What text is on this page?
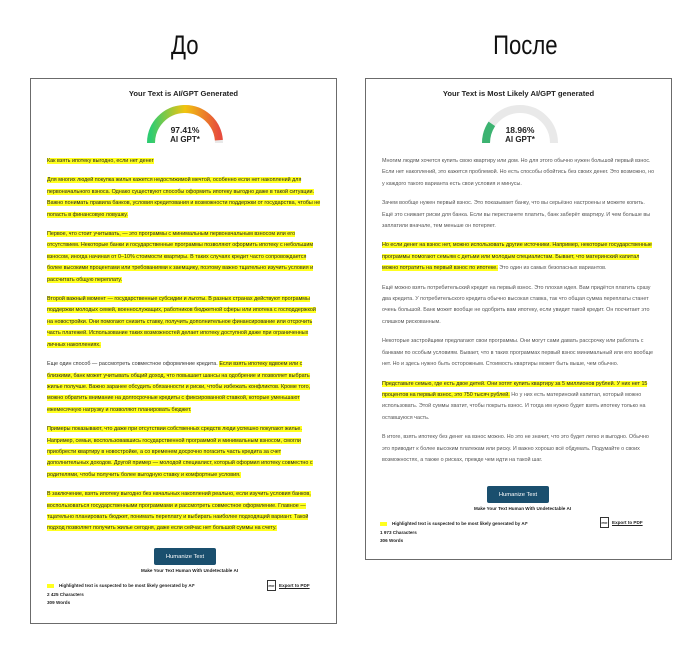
До	После
Your Text is AI/GPT Generated
97.41%
AI GPT*

Как взять ипотеку выгодно, если нет денег

Для многих людей покупка жилья кажется недостижимой мечтой, особенно если нет накоплений для первоначального взноса. Однако существуют способы оформить ипотеку выгодно даже в такой ситуации. Важно понимать правила банков, условия кредитования и возможности поддержки от государства, чтобы не попасть в финансовую ловушку.

Первое, что стоит учитывать, — это программы с минимальным первоначальным взносом или его отсутствием. Некоторые банки и государственные программы позволяют оформить ипотеку с небольшим взносом, иногда начиная от 0–10% стоимости квартиры. В таких случаях кредит часто сопровождается более высокими процентами или требованиями к заемщику, поэтому важно тщательно изучить условия и рассчитать общую переплату.

Второй важный момент — государственные субсидии и льготы. В разных странах действуют программы поддержки молодых семей, военнослужащих, работников бюджетной сферы или ипотека с господдержкой на новостройки. Они помогают снизить ставку, получить дополнительное финансирование или отсрочить часть платежей. Использование таких возможностей делает ипотеку доступной даже при ограниченных личных накоплениях.

Еще один способ — рассмотреть совместное оформление кредита. Если взять ипотеку вдвоем или с близкими, банк может учитывать общий доход, что повышает шансы на одобрение и позволяет выбрать жилье получше. Важно заранее обсудить обязанности и риски, чтобы избежать конфликтов. Кроме того, можно обратить внимание на долгосрочные кредиты с фиксированной ставкой, которые уменьшают ежемесячную нагрузку и позволяют планировать бюджет.

Примеры показывают, что даже при отсутствии собственных средств люди успешно покупают жилье. Например, семьи, воспользовавшись государственной программой и минимальным взносом, смогли приобрести квартиру в новостройке, а со временем досрочно погасить часть кредита за счет дополнительных доходов. Другой пример — молодой специалист, который оформил ипотеку совместно с родителями, чтобы получить более выгодную ставку и комфортные условия.

В заключение, взять ипотеку выгодно без начальных накоплений реально, если изучить условия банков, воспользоваться государственными программами и рассмотреть совместное оформление. Главное — тщательно планировать бюджет, понимать переплату и выбирать наиболее подходящий вариант. Такой подход позволяет получить жилье сегодня, даже если сейчас нет большой суммы на счету.

Humanize Text
Make Your Text Human With Undetectable AI
Highlighted text is suspected to be most likely generated by AI*
2 425 Characters
309 Words
PDF Export to PDF
Your Text is Most Likely AI/GPT generated
18.96%
AI GPT*

Многим людям хочется купить свою квартиру или дом. Но для этого обычно нужен большой первый взнос. Если нет накоплений, это кажется проблемой. Но есть способы обойтись без своих денег. Это возможно, но у каждого такого варианта есть свои условия и минусы.

Зачем вообще нужен первый взнос. Это показывает банку, что вы серьёзно настроены и можете копить. Ещё это снижает риски для банка. Если вы перестанете платить, банк заберёт квартиру. И чем больше вы заплатили вначале, тем меньше он потеряет.

Но если денег на взнос нет, можно использовать другие источники. Например, некоторые государственные программы помогают семьям с детьми или молодым специалистам. Бывает, что материнский капитал можно потратить на первый взнос по ипотеке. Это один из самых безопасных вариантов.

Ещё можно взять потребительский кредит на первый взнос. Это плохая идея. Вам придётся платить сразу два кредита. У потребительского кредита обычно высокая ставка, так что общая сумма переплаты станет очень большой. Банк может вообще не одобрить вам ипотеку, если увидит такой кредит. Он посчитает это слишком рискованным.

Некоторые застройщики предлагают свои программы. Они могут сами давать рассрочку или работать с банками по особым условиям. Бывает, что в таких программах первый взнос минимальный или его вообще нет. Но и здесь нужно быть осторожным. Стоимость квартиры может быть выше, чем обычно.

Представьте семью, где есть двое детей. Они хотят купить квартиру за 5 миллионов рублей. У них нет 15 процентов на первый взнос, это 750 тысяч рублей. Но у них есть материнский капитал, который можно использовать. Этой суммы хватит, чтобы покрыть взнос. И тогда им нужно будет взять ипотеку только на оставшуюся часть.

В итоге, взять ипотеку без денег на взнос можно. Но это не значит, что это будет легко и выгодно. Обычно это приводит к более высоким платежам или риску. И важно хорошо всё обдумать. Подумайте о своих возможностях, а также о рисках, прежде чем идти на такой шаг.

Humanize Text
Make Your Text Human With Undetectable AI
Highlighted text is suspected to be most likely generated by AI*
1 973 Characters
306 Words
PDF Export to PDF
